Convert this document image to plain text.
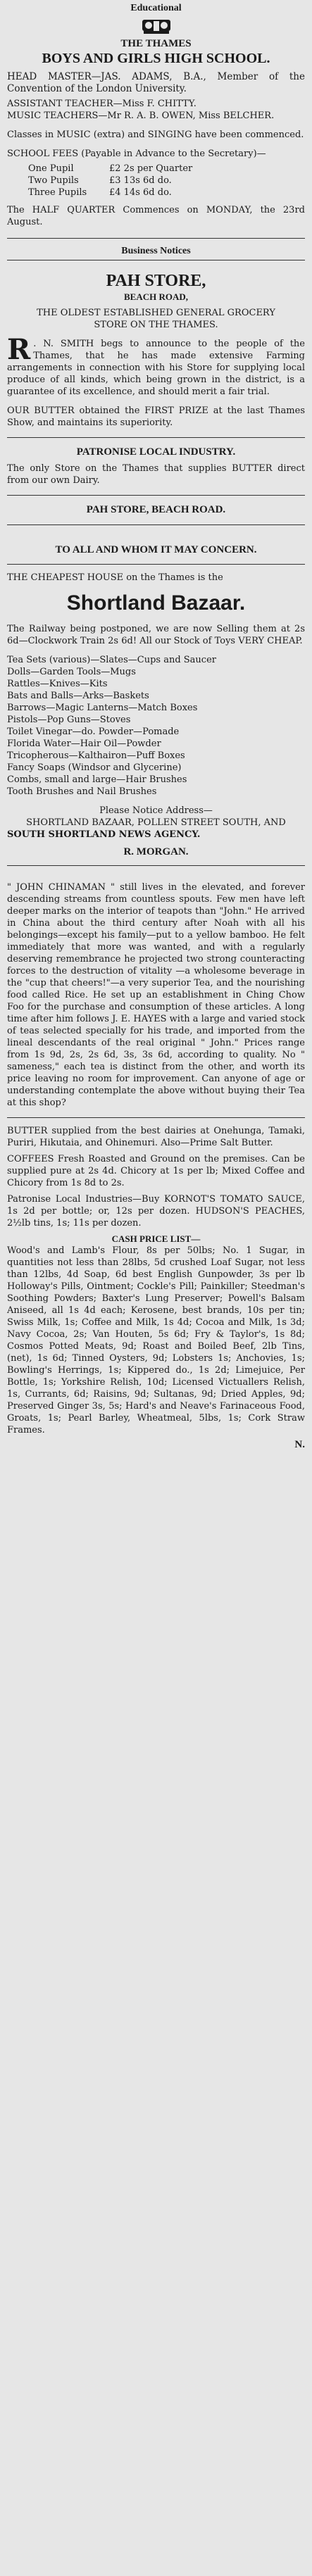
Educational
THE THAMES
BOYS AND GIRLS HIGH SCHOOL.

HEAD MASTER—JAS. ADAMS, B.A., Member of the Convention of the London University.

ASSISTANT TEACHER—Miss F. CHITTY.

MUSIC TEACHERS—Mr R. A. B. OWEN, Miss BELCHER.

Classes in MUSIC (extra) and SINGING have been commenced.

SCHOOL FEES (Payable in Advance to the Secretary)—

One Pupil	£2 2s per Quarter
Two Pupils	£3 13s 6d do.
Three Pupils	£4 14s 6d do.

The HALF QUARTER Commences on MONDAY, the 23rd August.

Business Notices
PAH STORE,
BEACH ROAD,

THE OLDEST ESTABLISHED GENERAL GROCERY STORE ON THE THAMES.

R . N. SMITH begs to announce to the people of the Thames, that he has made extensive Farming arrangements in connection with his Store for supplying local produce of all kinds, which being grown in the district, is a guarantee of its excellence, and should merit a fair trial.

OUR BUTTER obtained the FIRST PRIZE at the last Thames Show, and maintains its superiority.

PATRONISE LOCAL INDUSTRY.

The only Store on the Thames that supplies BUTTER direct from our own Dairy.

PAH STORE, BEACH ROAD.
TO ALL AND WHOM IT MAY CONCERN.

THE CHEAPEST HOUSE on the Thames is the

Shortland Bazaar.

The Railway being postponed, we are now Selling them at 2s 6d—Clockwork Train 2s 6d! All our Stock of Toys VERY CHEAP.

Tea Sets (various)—Slates—Cups and Saucer

Dolls—Garden Tools—Mugs

Rattles—Knives—Kits

Bats and Balls—Arks—Baskets

Barrows—Magic Lanterns—Match Boxes

Pistols—Pop Guns—Stoves

Toilet Vinegar—do. Powder—Pomade

Florida Water—Hair Oil—Powder

Tricopherous—Kalthairon—Puff Boxes

Fancy Soaps (Windsor and Glycerine)

Combs, small and large—Hair Brushes

Tooth Brushes and Nail Brushes

Please Notice Address—

SHORTLAND BAZAAR, POLLEN STREET SOUTH, AND

SOUTH SHORTLAND NEWS AGENCY.

R. MORGAN.

" JOHN CHINAMAN " still lives in the elevated, and forever descending streams from countless spouts. Few men have left deeper marks on the interior of teapots than "John." He arrived in China about the third century after Noah with all his belongings—except his family—put to a yellow bamboo. He felt immediately that more was wanted, and with a regularly deserving remembrance he projected two strong counteracting forces to the destruction of vitality —a wholesome beverage in the "cup that cheers!"—a very superior Tea, and the nourishing food called Rice. He set up an establishment in Ching Chow Foo for the purchase and consumption of these articles. A long time after him follows J. E. HAYES with a large and varied stock of teas selected specially for his trade, and imported from the lineal descendants of the real original " John." Prices range from 1s 9d, 2s, 2s 6d, 3s, 3s 6d, according to quality. No " sameness," each tea is distinct from the other, and worth its price leaving no room for improvement. Can anyone of age or understanding contemplate the above without buying their Tea at this shop?

BUTTER supplied from the best dairies at Onehunga, Tamaki, Puriri, Hikutaia, and Ohinemuri. Also—Prime Salt Butter.

COFFEES Fresh Roasted and Ground on the premises. Can be supplied pure at 2s 4d. Chicory at 1s per lb; Mixed Coffee and Chicory from 1s 8d to 2s.

Patronise Local Industries—Buy KORNOT'S TOMATO SAUCE, 1s 2d per bottle; or, 12s per dozen. HUDSON'S PEACHES, 2½lb tins, 1s; 11s per dozen.

CASH PRICE LIST—

Wood's and Lamb's Flour, 8s per 50lbs; No. 1 Sugar, in quantities not less than 28lbs, 5d crushed Loaf Sugar, not less than 12lbs, 4d Soap, 6d best English Gunpowder, 3s per lb Holloway's Pills, Ointment; Cockle's Pill; Painkiller; Steedman's Soothing Powders; Baxter's Lung Preserver; Powell's Balsam Aniseed, all 1s 4d each; Kerosene, best brands, 10s per tin; Swiss Milk, 1s; Coffee and Milk, 1s 4d; Cocoa and Milk, 1s 3d; Navy Cocoa, 2s; Van Houten, 5s 6d; Fry & Taylor's, 1s 8d; Cosmos Potted Meats, 9d; Roast and Boiled Beef, 2lb Tins, (net), 1s 6d; Tinned Oysters, 9d; Lobsters 1s; Anchovies, 1s; Bowling's Herrings, 1s; Kippered do., 1s 2d; Limejuice, Per Bottle, 1s; Yorkshire Relish, 10d; Licensed Victuallers Relish, 1s, Currants, 6d; Raisins, 9d; Sultanas, 9d; Dried Apples, 9d; Preserved Ginger 3s, 5s; Hard's and Neave's Farinaceous Food, Groats, 1s; Pearl Barley, Wheatmeal, 5lbs, 1s; Cork Straw Frames.

N.
